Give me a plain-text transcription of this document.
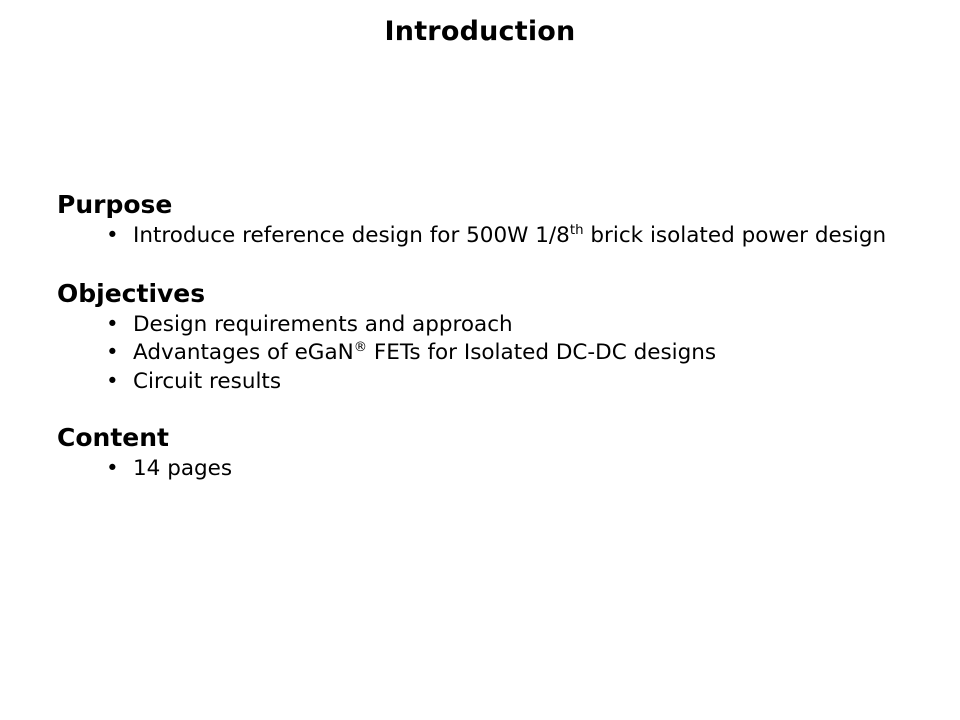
Introduction
Purpose
• Introduce reference design for 500W 1/8th brick isolated power design
Objectives
• Design requirements and approach
• Advantages of eGaN® FETs for Isolated DC-DC designs
• Circuit results
Content
• 14 pages
